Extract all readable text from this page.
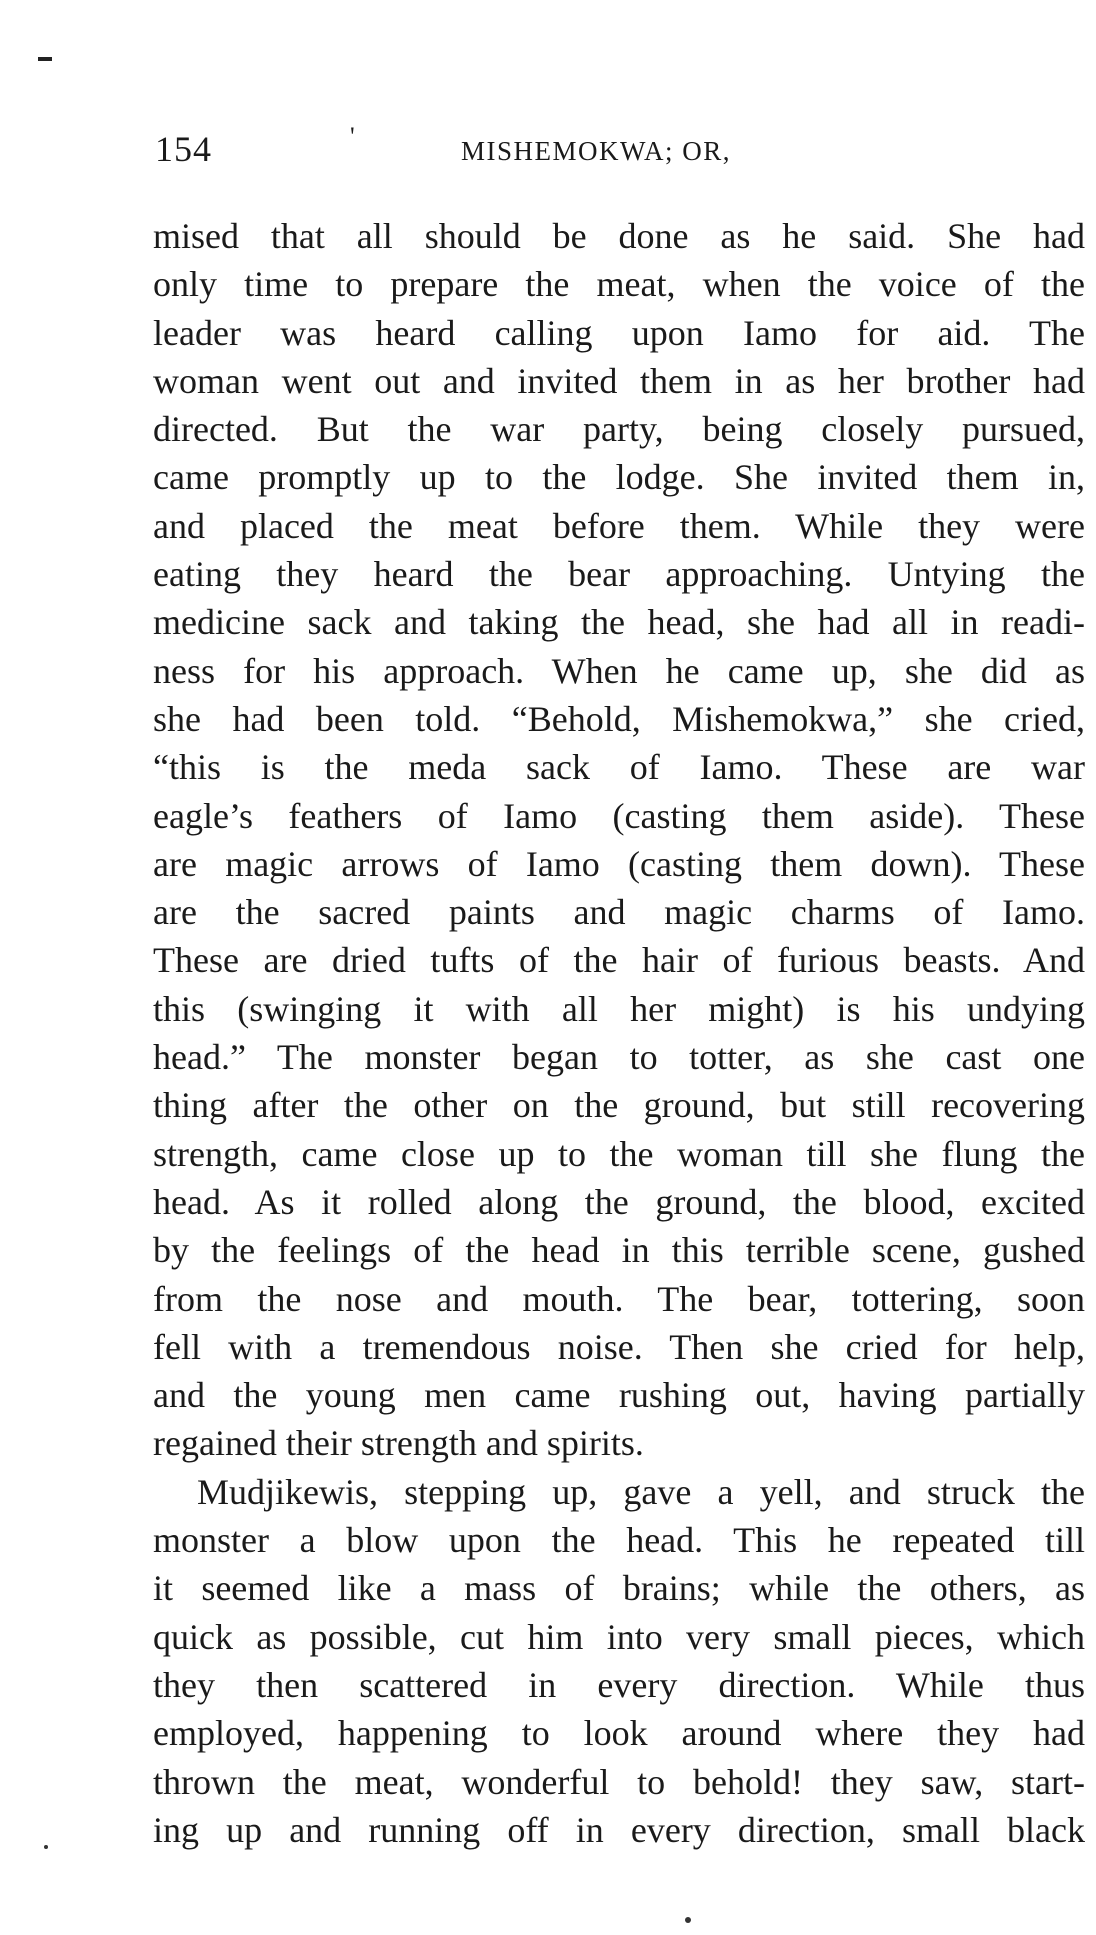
154	'	MISHEMOKWA; OR,
mised that all should be done as he said. She had
only time to prepare the meat, when the voice of the
leader was heard calling upon Iamo for aid. The
woman went out and invited them in as her brother had
directed. But the war party, being closely pursued,
came promptly up to the lodge. She invited them in,
and placed the meat before them. While they were
eating they heard the bear approaching. Untying the
medicine sack and taking the head, she had all in readi-
ness for his approach. When he came up, she did as
she had been told. “Behold, Mishemokwa,” she cried,
“this is the meda sack of Iamo. These are war
eagle’s feathers of Iamo (casting them aside). These
are magic arrows of Iamo (casting them down). These
are the sacred paints and magic charms of Iamo.
These are dried tufts of the hair of furious beasts. And
this (swinging it with all her might) is his undying
head.” The monster began to totter, as she cast one
thing after the other on the ground, but still recovering
strength, came close up to the woman till she flung the
head. As it rolled along the ground, the blood, excited
by the feelings of the head in this terrible scene, gushed
from the nose and mouth. The bear, tottering, soon
fell with a tremendous noise. Then she cried for help,
and the young men came rushing out, having partially
regained their strength and spirits.
Mudjikewis, stepping up, gave a yell, and struck the
monster a blow upon the head. This he repeated till
it seemed like a mass of brains; while the others, as
quick as possible, cut him into very small pieces, which
they then scattered in every direction. While thus
employed, happening to look around where they had
thrown the meat, wonderful to behold! they saw, start-
ing up and running off in every direction, small black
